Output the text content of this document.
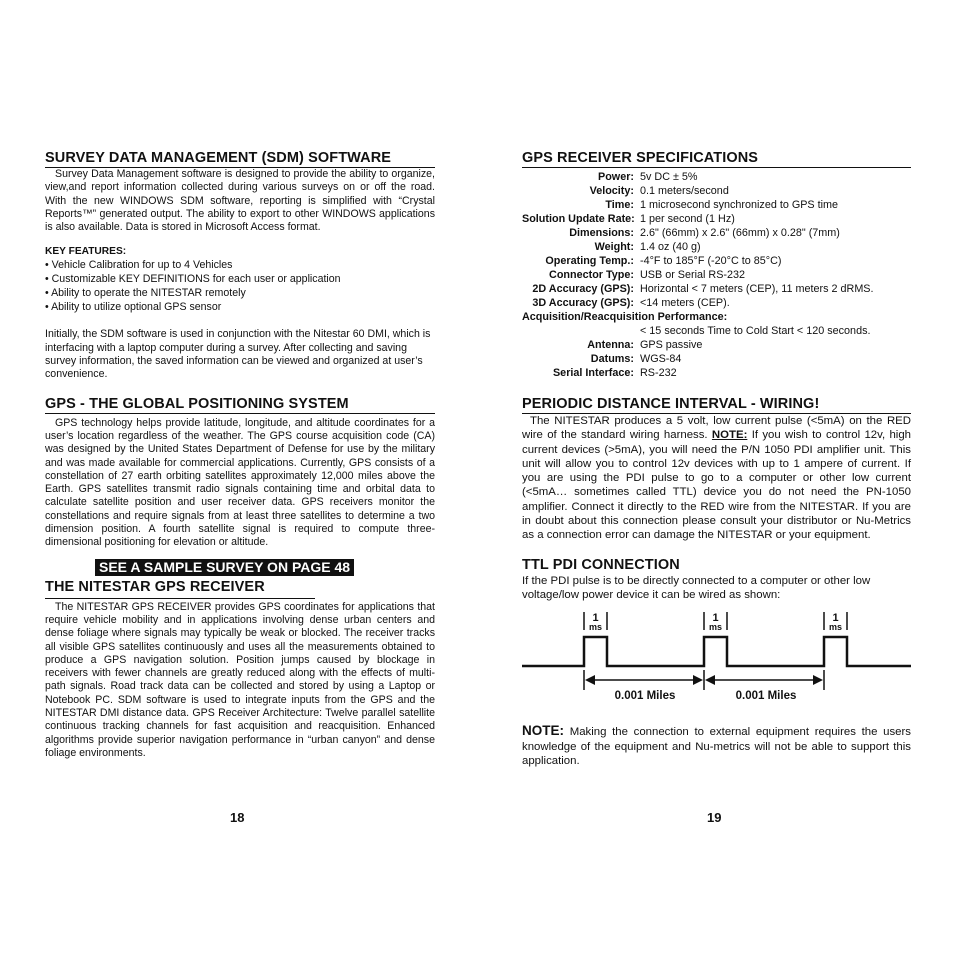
SURVEY DATA MANAGEMENT (SDM) SOFTWARE
Survey Data Management software is designed to provide the ability to organize, view,and report information collected during various surveys on or off the road. With the new WINDOWS SDM software, reporting is simplified with “Crystal Reports™” generated output. The ability to export to other WINDOWS applications is also available. Data is stored in Microsoft Access format.
KEY FEATURES:
• Vehicle Calibration for up to 4 Vehicles
• Customizable KEY DEFINITIONS for each user or application
• Ability to operate the NITESTAR remotely
• Ability to utilize optional GPS sensor
Initially, the SDM software is used in conjunction with the Nitestar 60 DMI, which is interfacing with a laptop computer during a survey. After collecting and saving survey information, the saved information can be viewed and organized at user’s convenience.
GPS - THE GLOBAL POSITIONING SYSTEM
GPS technology helps provide latitude, longitude, and altitude coordinates for a user’s location regardless of the weather. The GPS course acquisition code (CA) was designed by the United States Department of Defense for use by the military and was made available for commercial applications. Currently, GPS consists of a constellation of 27 earth orbiting satellites approximately 12,000 miles above the Earth. GPS satellites transmit radio signals containing time and orbital data to calculate satellite position and user receiver data. GPS receivers monitor the constellations and require signals from at least three satellites to determine a two dimension position. A fourth satellite signal is required to compute three-dimensional positioning for elevation or altitude.
SEE A SAMPLE SURVEY ON PAGE 48
THE NITESTAR GPS RECEIVER
The NITESTAR GPS RECEIVER provides GPS coordinates for applications that require vehicle mobility and in applications involving dense urban centers and dense foliage where signals may typically be weak or blocked. The receiver tracks all visible GPS satellites continuously and uses all the measurements obtained to produce a GPS navigation solution. Position jumps caused by blockage in receivers with fewer channels are greatly reduced along with the effects of multi-path signals. Road track data can be collected and stored by using a Laptop or Notebook PC. SDM software is used to integrate inputs from the GPS and the NITESTAR DMI distance data. GPS Receiver Architecture: Twelve parallel satellite continuous tracking channels for fast acquisition and reacquisition. Enhanced algorithms provide superior navigation performance in “urban canyon” and dense foliage environments.
18
GPS RECEIVER SPECIFICATIONS
Power: 5v DC ± 5%
Velocity: 0.1 meters/second
Time: 1 microsecond synchronized to GPS time
Solution Update Rate: 1 per second (1 Hz)
Dimensions: 2.6" (66mm) x 2.6" (66mm) x 0.28" (7mm)
Weight: 1.4 oz (40 g)
Operating Temp.: -4°F to 185°F (-20°C to 85°C)
Connector Type: USB or Serial RS-232
2D Accuracy (GPS): Horizontal < 7 meters (CEP), 11 meters 2 dRMS.
3D Accuracy (GPS): <14 meters (CEP).
Acquisition/Reacquisition Performance:
< 15 seconds Time to Cold Start < 120 seconds.
Antenna: GPS passive
Datums: WGS-84
Serial Interface: RS-232
PERIODIC DISTANCE INTERVAL - WIRING!
The NITESTAR produces a 5 volt, low current pulse (<5mA) on the RED wire of the standard wiring harness. NOTE: If you wish to control 12v, high current devices (>5mA), you will need the P/N 1050 PDI amplifier unit. This unit will allow you to control 12v devices with up to 1 ampere of current. If you are using the PDI pulse to go to a computer or other low current (<5mA… sometimes called TTL) device you do not need the PN-1050 amplifier. Connect it directly to the RED wire from the NITESTAR. If you are in doubt about this connection please consult your distributor or Nu-Metrics as a connection error can damage the NITESTAR or your equipment.
TTL PDI CONNECTION
If the PDI pulse is to be directly connected to a computer or other low voltage/low power device it can be wired as shown:
1
ms
1
ms
1
ms
0.001 Miles	0.001 Miles
NOTE: Making the connection to external equipment requires the users knowledge of the equipment and Nu-metrics will not be able to support this application.
19
